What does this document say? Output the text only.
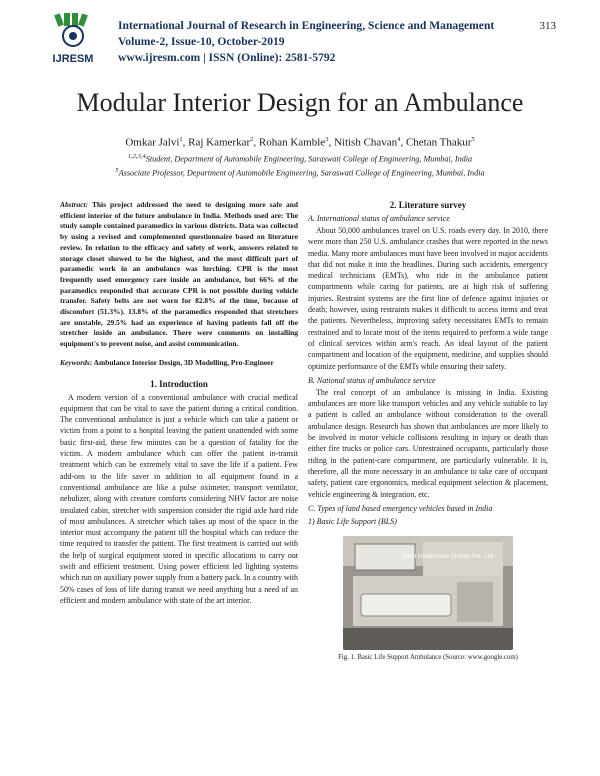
IJRESM
International Journal of Research in Engineering, Science and Management
Volume-2, Issue-10, October-2019
www.ijresm.com | ISSN (Online): 2581-5792
313
Modular Interior Design for an Ambulance
Omkar Jalvi$^1$, Raj Kamerkar$^2$, Rohan Kamble$^3$, Nitish Chavan$^4$, Chetan Thakur$^5$
$^{1,2,3,4}$Student, Department of Automobile Engineering, Saraswati College of Engineering, Mumbai, India
$^5$Associate Professor, Department of Automobile Engineering, Saraswati College of Engineering, Mumbai, India

Abstract: This project addressed the need to designing more safe and efficient interior of the future ambulance in India. Methods used are: The study sample contained paramedics in various districts. Data was collected by using a revised and complemented questionnaire based on literature review. In relation to the efficacy and safety of work, answers related to storage closet showed to be the highest, and the most difficult part of paramedic work in an ambulance was lurching. CPR is the most frequently used emergency care inside an ambulance, but 66% of the paramedics responded that accurate CPR is not possible during vehicle transfer. Safety belts are not worn for 82.8% of the time, because of discomfort (51.3%). 13.8% of the paramedics responded that stretchers are unstable, 29.5% had an experience of having patients fall off the stretcher inside an ambulance. There were comments on installing equipment's to prevent noise, and assist communication.

Keywords: Ambulance Interior Design, 3D Modelling, Pro-Engineer

1. Introduction

A modern version of a conventional ambulance with crucial medical equipment that can be vital to save the patient during a critical condition. The conventional ambulance is just a vehicle which can take a patient or victim from a point to a hospital leaving the patient unattended with some basic first-aid, these few minutes can be a question of fatality for the victim. A modern ambulance which can offer the patient in-transit treatment which can be extremely vital to save the life if a patient. Few add-ons to the life saver in addition to all equipment found in a conventional ambulance are like a pulse oximeter, transport ventilator, nebulizer, along with creature comforts considering NHV factor are noise insulated cabin, stretcher with suspension consider the rigid axle hard ride of most ambulances. A stretcher which takes up most of the space in the interior must accompany the patient till the hospital which can reduce the time required to transfer the patient. The first treatment is carried out with the help of surgical equipment stored in specific allocations to carry out swift and efficient treatment. Using power efficient led lighting systems which run on auxiliary power supply from a battery pack. In a country with 50% cases of loss of life during transit we need anything but a need of an efficient and modern ambulance with state of the art interior.

2. Literature survey
A. International status of ambulance service

About 50,000 ambulances travel on U.S. roads every day. In 2010, there were more than 250 U.S. ambulance crashes that were reported in the news media. Many more ambulances must have been involved in major accidents that did not make it into the headlines. During such accidents, emergency medical technicians (EMTs), who ride in the ambulance patient compartments while caring for patients, are at high risk of suffering injuries. Restraint systems are the first line of defence against injuries or death; however, using restraints makes it difficult to access items and treat the patients. Nevertheless, improving safety necessitates EMTs to remain restrained and to locate most of the items required to perform a wide range of clinical services within arm's reach. An ideal layout of the patient compartment and location of the equipment, medicine, and supplies should optimize performance of the EMTs while ensuring their safety.

B. National status of ambulance service

The real concept of an ambulance is missing in India. Existing ambulances are more like transport vehicles and any vehicle suitable to lay a patient is called an ambulance without consideration to the overall ambulance design. Research has shown that ambulances are more likely to be involved in motor vehicle collisions resulting in injury or death than either fire trucks or police cars. Unrestrained occupants, particularly those riding in the patient-care compartment, are particularly vulnerable. It is, therefore, all the more necessary in an ambulance to take care of occupant safety, patient care ergonomics, medical equipment selection & placement, vehicle engineering & integration, etc.

C. Types of land based emergency vehicles based in India
1) Basic Life Support (BLS)
Seal Healthcare (India) Pvt. Ltd.
Fig. 1. Basic Life Support Ambulance (Source: www.google.com)
